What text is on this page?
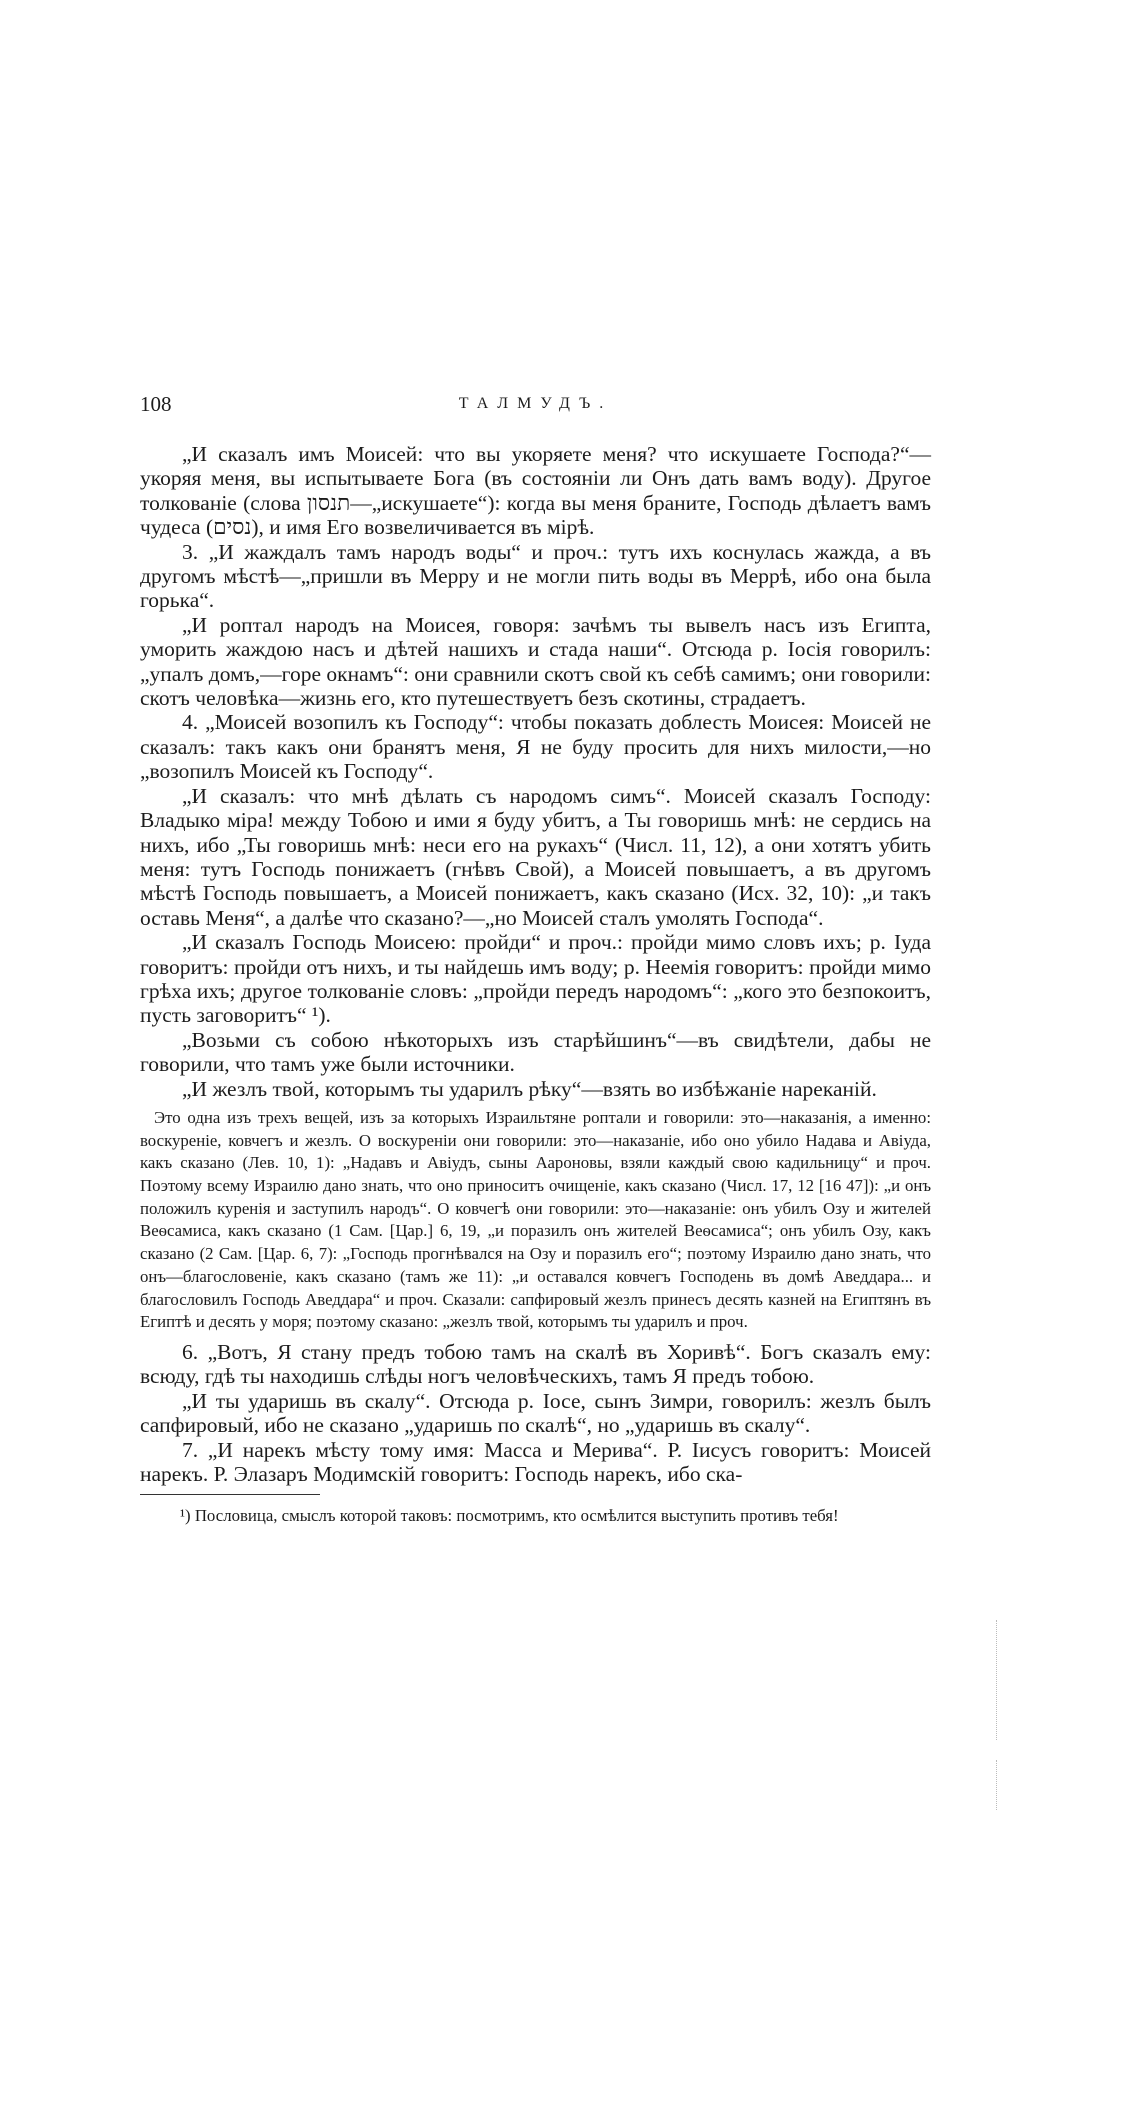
108	ТАЛМУДЪ.

„И сказалъ имъ Моисей: что вы укоряете меня? что искушаете Господа?“—укоряя меня, вы испытываете Бога (въ состоянiи ли Онъ дать вамъ воду). Другое толкованiе (слова תנסון—„искушаете“): когда вы меня браните, Господь дѣлаетъ вамъ чудеса (נסים), и имя Его возвеличивается въ мiрѣ.

3. „И жаждалъ тамъ народъ воды“ и проч.: тутъ ихъ коснулась жажда, а въ другомъ мѣстѣ—„пришли въ Мерру и не могли пить воды въ Меррѣ, ибо она была горька“.

„И роптал народъ на Моисея, говоря: зачѣмъ ты вывелъ насъ изъ Египта, уморить жаждою насъ и дѣтей нашихъ и стада наши“. Отсюда р. Iосiя говорилъ: „упалъ домъ,—горе окнамъ“: они сравнили скотъ свой къ себѣ самимъ; они говорили: скотъ человѣка—жизнь его, кто путешествуетъ безъ скотины, страдаетъ.

4. „Моисей возопилъ къ Господу“: чтобы показать доблесть Моисея: Моисей не сказалъ: такъ какъ они бранятъ меня, Я не буду просить для нихъ милости,—но „возопилъ Моисей къ Господу“.

„И сказалъ: что мнѣ дѣлать съ народомъ симъ“. Моисей сказалъ Господу: Владыко мiра! между Тобою и ими я буду убитъ, а Ты говоришь мнѣ: не сердись на нихъ, ибо „Ты говоришь мнѣ: неси его на рукахъ“ (Числ. 11, 12), а они хотятъ убить меня: тутъ Господь понижаетъ (гнѣвъ Свой), а Моисей повышаетъ, а въ другомъ мѣстѣ Господь повышаетъ, а Моисей понижаетъ, какъ сказано (Исх. 32, 10): „и такъ оставь Меня“, а далѣе что сказано?—„но Моисей сталъ умолять Господа“.

„И сказалъ Господь Моисею: пройди“ и проч.: пройди мимо словъ ихъ; р. Iуда говоритъ: пройди отъ нихъ, и ты найдешь имъ воду; р. Неемiя говоритъ: пройди мимо грѣха ихъ; другое толкованiе словъ: „пройди передъ народомъ“: „кого это безпокоитъ, пусть заговоритъ“ ¹).

„Возьми съ собою нѣкоторыхъ изъ старѣйшинъ“—въ свидѣтели, дабы не говорили, что тамъ уже были источники.

„И жезлъ твой, которымъ ты ударилъ рѣку“—взять во избѣжанiе нареканiй.

Это одна изъ трехъ вещей, изъ за которыхъ Израильтяне роптали и говорили: это—наказанiя, а именно: воскуренiе, ковчегъ и жезлъ. О воскуренiи они говорили: это—наказанiе, ибо оно убило Надава и Авiуда, какъ сказано (Лев. 10, 1): „Надавъ и Авiудъ, сыны Аароновы, взяли каждый свою кадильницу“ и проч. Поэтому всему Израилю дано знать, что оно приноситъ очищенiе, какъ сказано (Числ. 17, 12 [16 47]): „и онъ положилъ куренiя и заступилъ народъ“. О ковчегѣ они говорили: это—наказанiе: онъ убилъ Озу и жителей Веѳсамиса, какъ сказано (1 Сам. [Цар.] 6, 19, „и поразилъ онъ жителей Веѳсамиса“; онъ убилъ Озу, какъ сказано (2 Сам. [Цар. 6, 7): „Господь прогнѣвался на Озу и поразилъ его“; поэтому Израилю дано знать, что онъ—благословенiе, какъ сказано (тамъ же 11): „и оставался ковчегъ Господень въ домѣ Аведдара... и благословилъ Господь Аведдара“ и проч. Сказали: сапфировый жезлъ принесъ десять казней на Египтянъ въ Египтѣ и десять у моря; поэтому сказано: „жезлъ твой, которымъ ты ударилъ и проч.

6. „Вотъ, Я стану предъ тобою тамъ на скалѣ въ Хоривѣ“. Богъ сказалъ ему: всюду, гдѣ ты находишь слѣды ногъ человѣческихъ, тамъ Я предъ тобою.

„И ты ударишь въ скалу“. Отсюда р. Iосе, сынъ Зимри, говорилъ: жезлъ былъ сапфировый, ибо не сказано „ударишь по скалѣ“, но „ударишь въ скалу“.

7. „И нарекъ мѣсту тому имя: Масса и Мерива“. Р. Iисусъ говоритъ: Моисей нарекъ. Р. Элазаръ Модимскiй говоритъ: Господь нарекъ, ибо ска-

¹) Пословица, смыслъ которой таковъ: посмотримъ, кто осмѣлится выступить противъ тебя!
